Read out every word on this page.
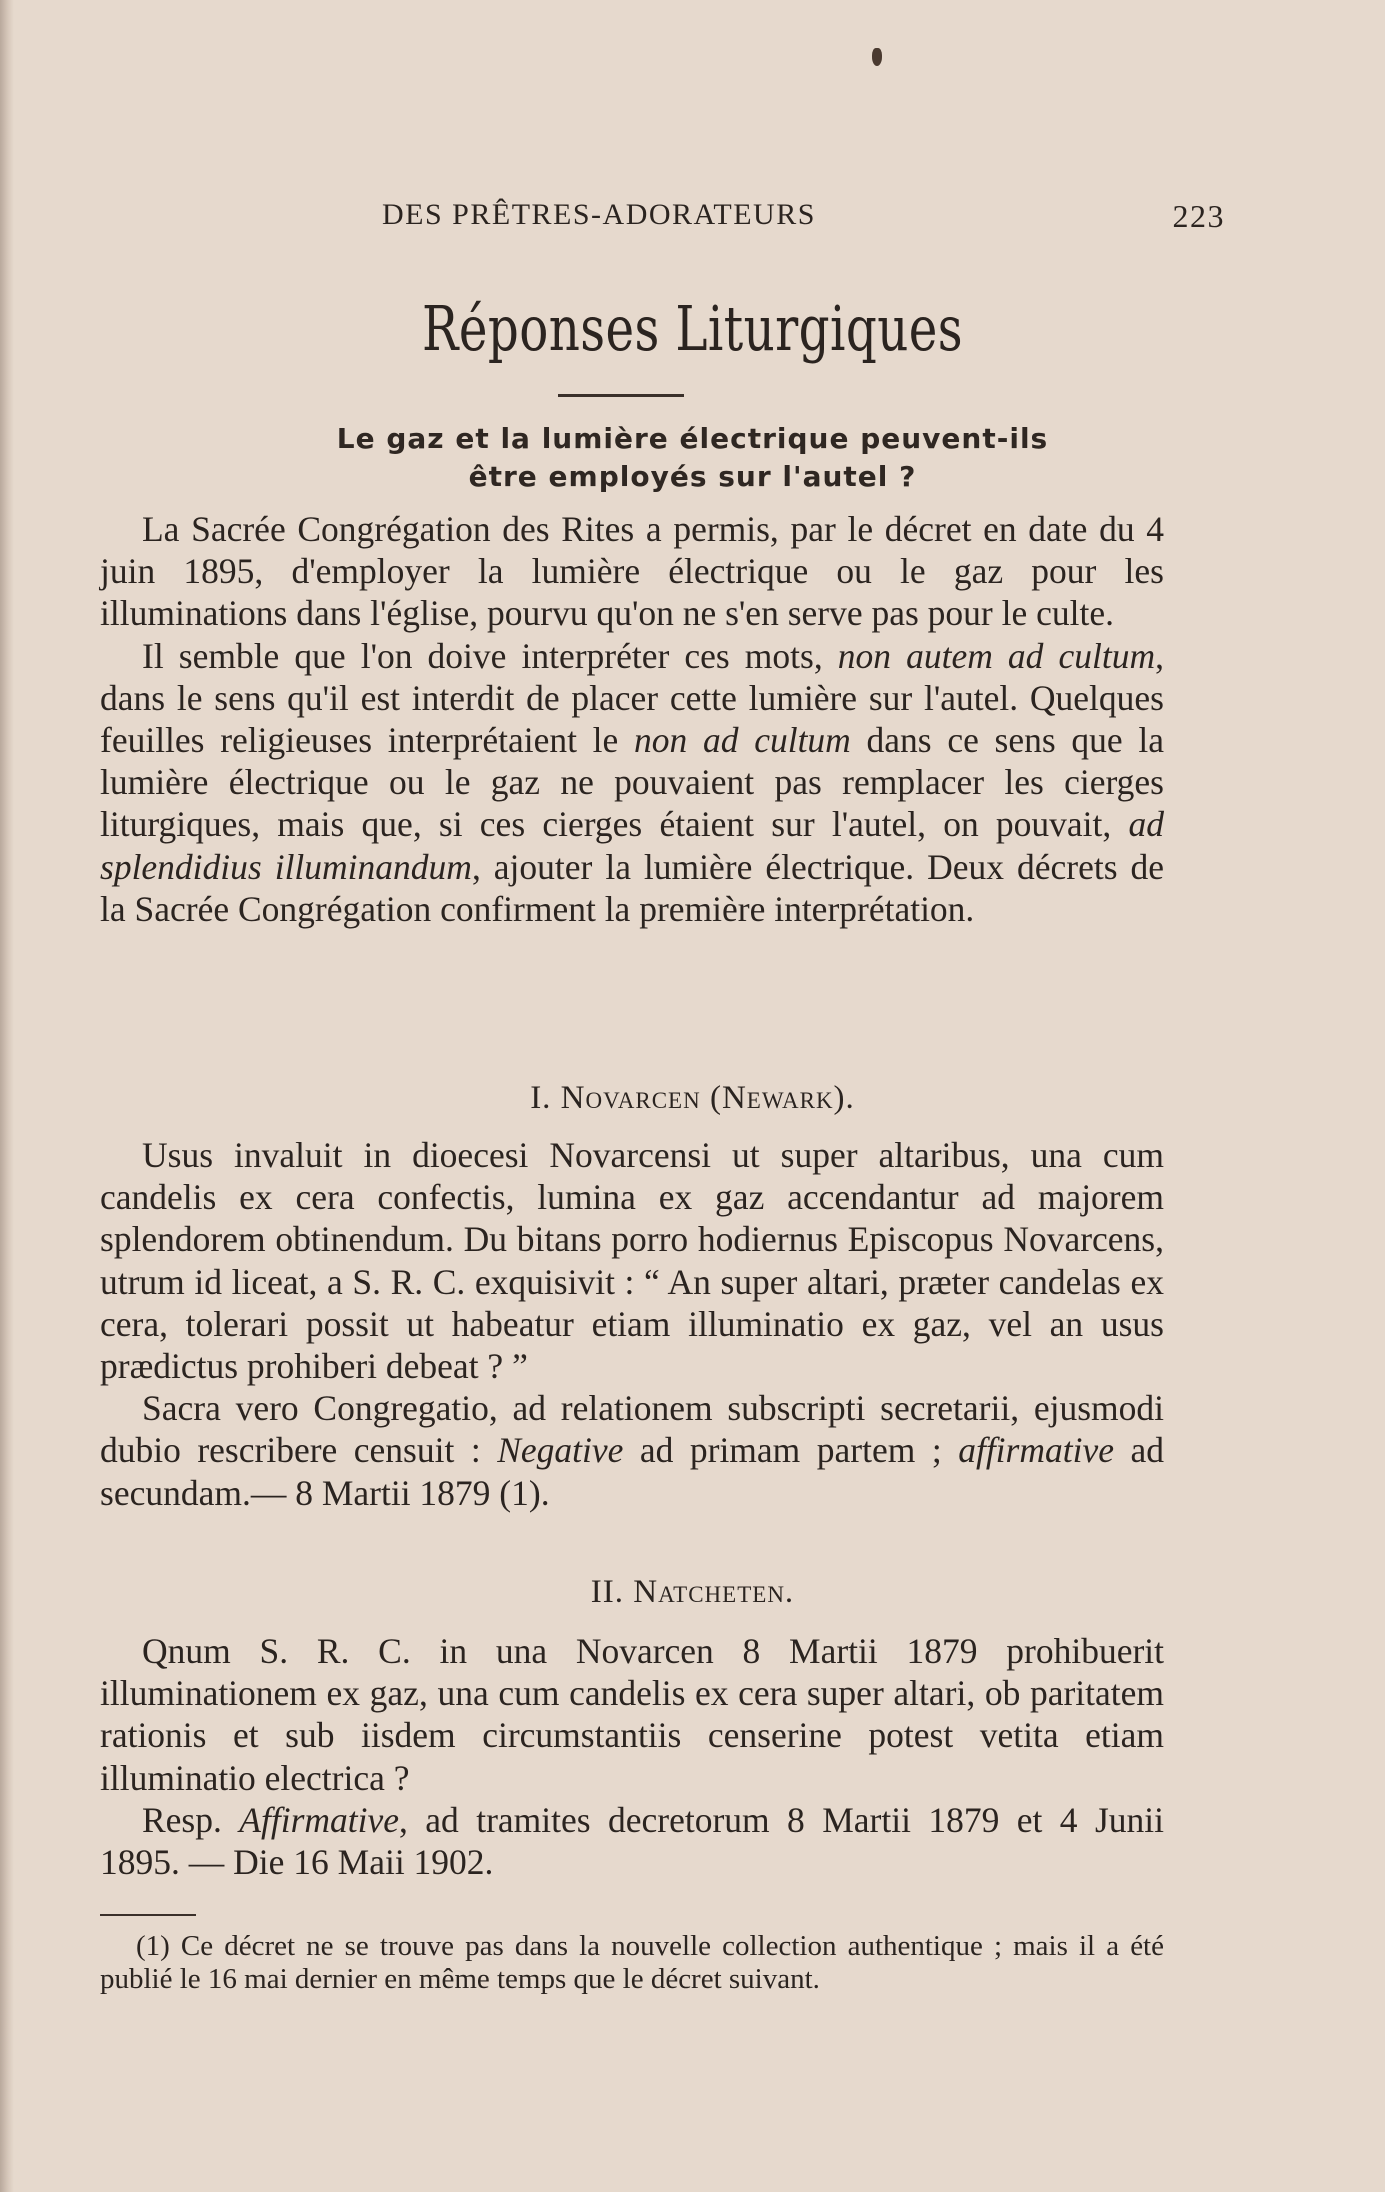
DES PRÊTRES-ADORATEURS	223
Réponses Liturgiques
Le gaz et la lumière électrique peuvent-ils
être employés sur l'autel ?

La Sacrée Congrégation des Rites a permis, par le décret en date du 4 juin 1895, d'employer la lumière électrique ou le gaz pour les illuminations dans l'église, pourvu qu'on ne s'en serve pas pour le culte.

Il semble que l'on doive interpréter ces mots, non autem ad cultum, dans le sens qu'il est interdit de placer cette lumière sur l'autel. Quelques feuilles religieuses interprétaient le non ad cultum dans ce sens que la lumière électrique ou le gaz ne pouvaient pas remplacer les cierges liturgiques, mais que, si ces cierges étaient sur l'autel, on pouvait, ad splendidius illuminandum, ajouter la lumière électrique. Deux décrets de la Sacrée Congrégation confirment la première interprétation.

I. Novarcen (Newark).

Usus invaluit in dioecesi Novarcensi ut super altaribus, una cum candelis ex cera confectis, lumina ex gaz accendantur ad majorem splendorem obtinendum. Du bitans porro hodiernus Episcopus Novarcens, utrum id liceat, a S. R. C. exquisivit : “ An super altari, præter candelas ex cera, tolerari possit ut habeatur etiam illuminatio ex gaz, vel an usus prædictus prohiberi debeat ? ”

Sacra vero Congregatio, ad relationem subscripti secretarii, ejusmodi dubio rescribere censuit : Negative ad primam partem ; affirmative ad secundam.— 8 Martii 1879 (1).

II. Natcheten.

Qnum S. R. C. in una Novarcen 8 Martii 1879 prohibuerit illuminationem ex gaz, una cum candelis ex cera super altari, ob paritatem rationis et sub iisdem circumstantiis censerine potest vetita etiam illuminatio electrica ?

Resp. Affirmative, ad tramites decretorum 8 Martii 1879 et 4 Junii 1895. — Die 16 Maii 1902.

(1) Ce décret ne se trouve pas dans la nouvelle collection authentique ; mais il a été publié le 16 mai dernier en même temps que le décret suivant.
